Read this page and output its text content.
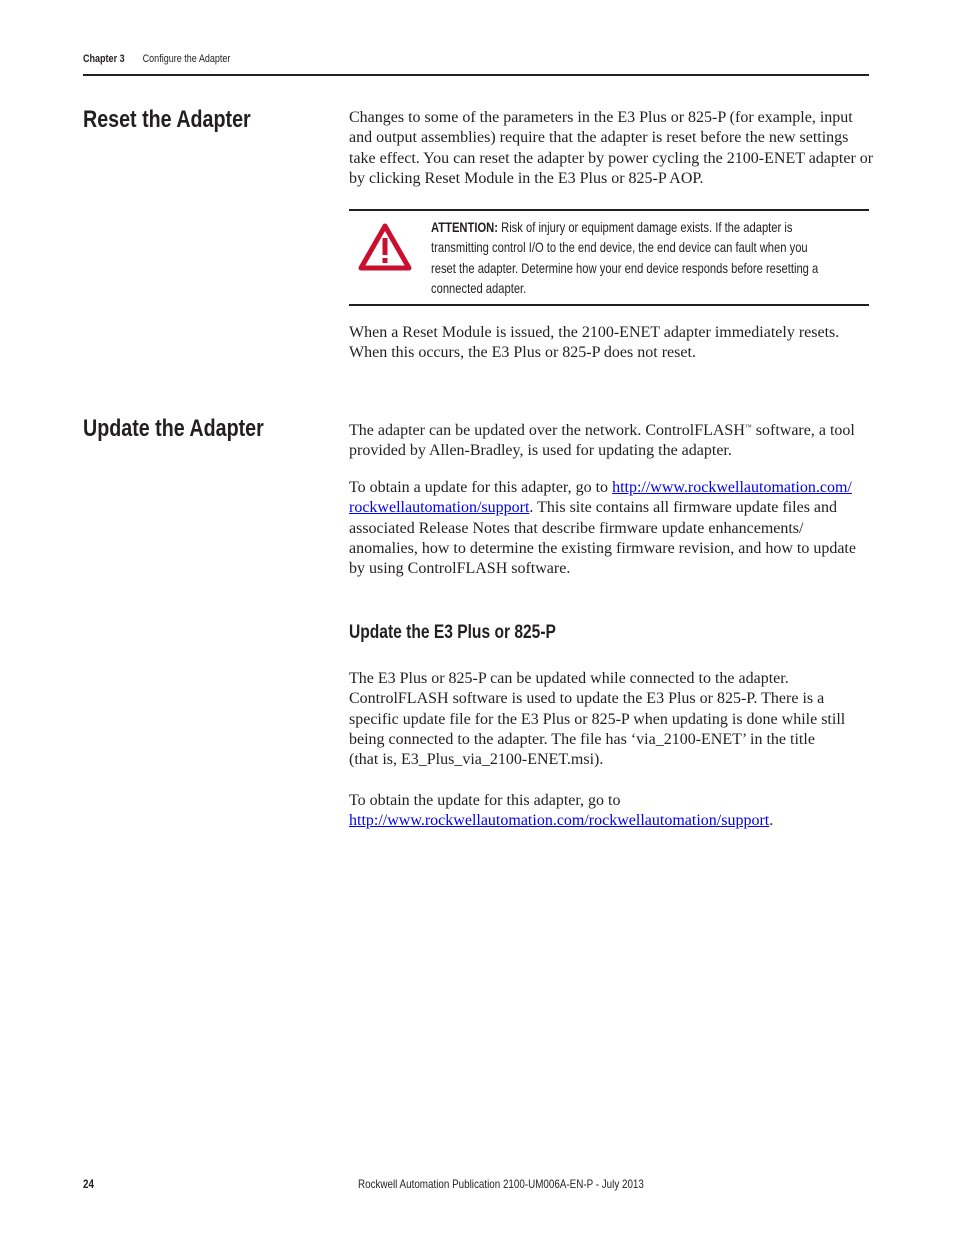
Chapter 3 Configure the Adapter
Reset the Adapter	Changes to some of the parameters in the E3 Plus or 825-P (for example, input
and output assemblies) require that the adapter is reset before the new settings
take effect. You can reset the adapter by power cycling the 2100-ENET adapter or
by clicking Reset Module in the E3 Plus or 825-P AOP.

ATTENTION: Risk of injury or equipment damage exists. If the adapter is
transmitting control I/O to the end device, the end device can fault when you
reset the adapter. Determine how your end device responds before resetting a
connected adapter.

When a Reset Module is issued, the 2100-ENET adapter immediately resets.
When this occurs, the E3 Plus or 825-P does not reset.

Update the Adapter	The adapter can be updated over the network. ControlFLASH™ software, a tool
provided by Allen-Bradley, is used for updating the adapter.

To obtain a update for this adapter, go to http://www.rockwellautomation.com/
rockwellautomation/support. This site contains all firmware update files and
associated Release Notes that describe firmware update enhancements/
anomalies, how to determine the existing firmware revision, and how to update
by using ControlFLASH software.

Update the E3 Plus or 825-P

The E3 Plus or 825-P can be updated while connected to the adapter.
ControlFLASH software is used to update the E3 Plus or 825-P. There is a
specific update file for the E3 Plus or 825-P when updating is done while still
being connected to the adapter. The file has ‘via_2100-ENET’ in the title
(that is, E3_Plus_via_2100-ENET.msi).

To obtain the update for this adapter, go to
http://www.rockwellautomation.com/rockwellautomation/support.

24	Rockwell Automation Publication 2100-UM006A-EN-P - July 2013
